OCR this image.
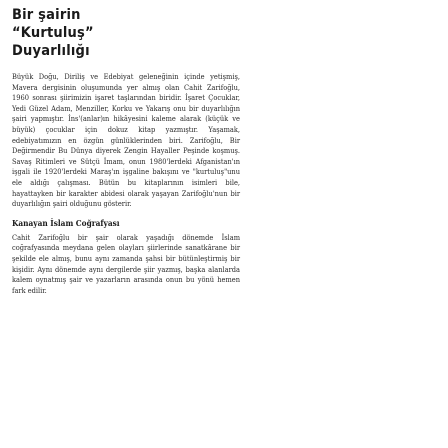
Bir şairin
“Kurtuluş”
Duyarlılığı

Büyük Doğu, Diriliş ve Edebiyat geleneğinin içinde yetişmiş, Mavera dergisinin oluşumunda yer almış olan Cahit Zarifoğlu, 1960 sonrası şiirimizin işaret taşlarından biridir. İşaret Çocuklar, Yedi Güzel Adam, Menziller, Korku ve Yakarış onu bir duyarlılığın şairi yapmıştır. İns'(anlar)ın hikâyesini kaleme alarak (küçük ve büyük) çocuklar için dokuz kitap yazmıştır. Yaşamak, edebiyatımızın en özgün günlüklerinden biri. Zarifoğlu, Bir Değirmendir Bu Dünya diyerek Zengin Hayaller Peşinde koşmuş. Savaş Ritimleri ve Sütçü İmam, onun 1980'lerdeki Afganistan'ın işgali ile 1920'lerdeki Maraş'ın işgaline bakışını ve "kurtuluş"unu ele aldığı çalışması. Bütün bu kitaplarının isimleri bile, hayattayken bir karakter abidesi olarak yaşayan Zarifoğlu'nun bir duyarlılığın şairi olduğunu gösterir.

Kanayan İslam Coğrafyası

Cahit Zarifoğlu bir şair olarak yaşadığı dönemde İslam coğrafyasında meydana gelen olayları şiirlerinde sanatkârane bir şekilde ele almış, bunu aynı zamanda şahsi bir bütünleştirmiş bir kişidir. Aynı dönemde aynı dergilerde şiir yazmış, başka alanlarda kalem oynatmış şair ve yazarların arasında onun bu yönü hemen fark edilir.
